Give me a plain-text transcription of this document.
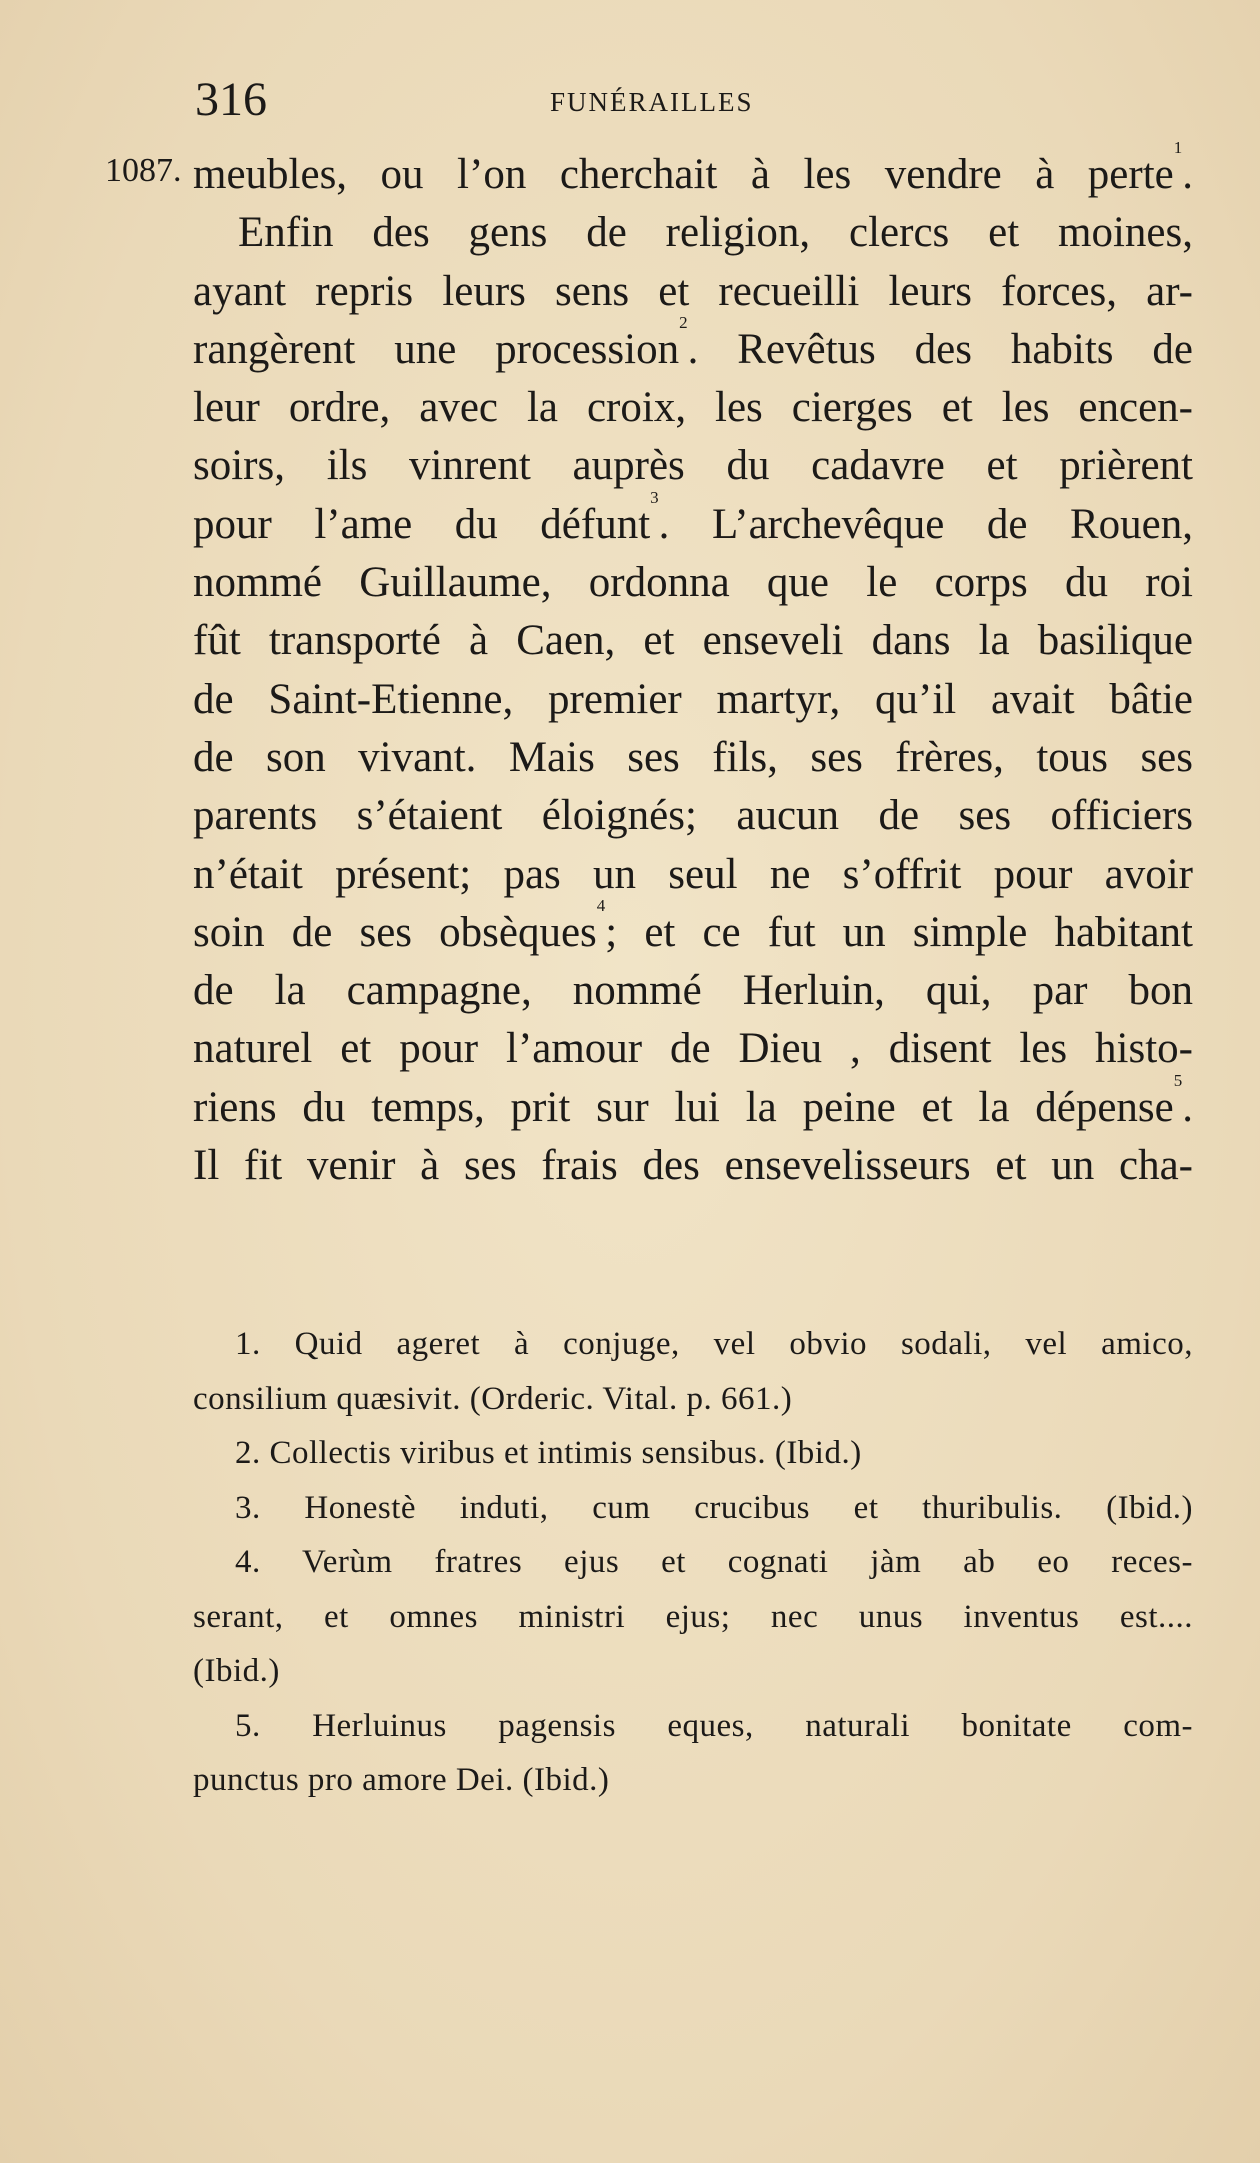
316	FUNÉRAILLES
1087. meubles, ou l’on cherchait à les vendre à perte$^1$.
Enfin des gens de religion, clercs et moines,
ayant repris leurs sens et recueilli leurs forces, ar-
rangèrent une procession$^2$. Revêtus des habits de
leur ordre, avec la croix, les cierges et les encen-
soirs, ils vinrent auprès du cadavre et prièrent
pour l’ame du défunt$^3$. L’archevêque de Rouen,
nommé Guillaume, ordonna que le corps du roi
fût transporté à Caen, et enseveli dans la basilique
de Saint-Etienne, premier martyr, qu’il avait bâtie
de son vivant. Mais ses fils, ses frères, tous ses
parents s’étaient éloignés; aucun de ses officiers
n’était présent; pas un seul ne s’offrit pour avoir
soin de ses obsèques$^4$; et ce fut un simple habitant
de la campagne, nommé Herluin, qui, par bon
naturel et pour l’amour de Dieu , disent les histo-
riens du temps, prit sur lui la peine et la dépense$^5$.
Il fit venir à ses frais des ensevelisseurs et un cha-
1. Quid ageret à conjuge, vel obvio sodali, vel amico,
consilium quæsivit. (Orderic. Vital. p. 661.)
2. Collectis viribus et intimis sensibus. (Ibid.)
3. Honestè induti, cum crucibus et thuribulis. (Ibid.)
4. Verùm fratres ejus et cognati jàm ab eo reces-
serant, et omnes ministri ejus; nec unus inventus est....
(Ibid.)
5. Herluinus pagensis eques, naturali bonitate com-
punctus pro amore Dei. (Ibid.)
